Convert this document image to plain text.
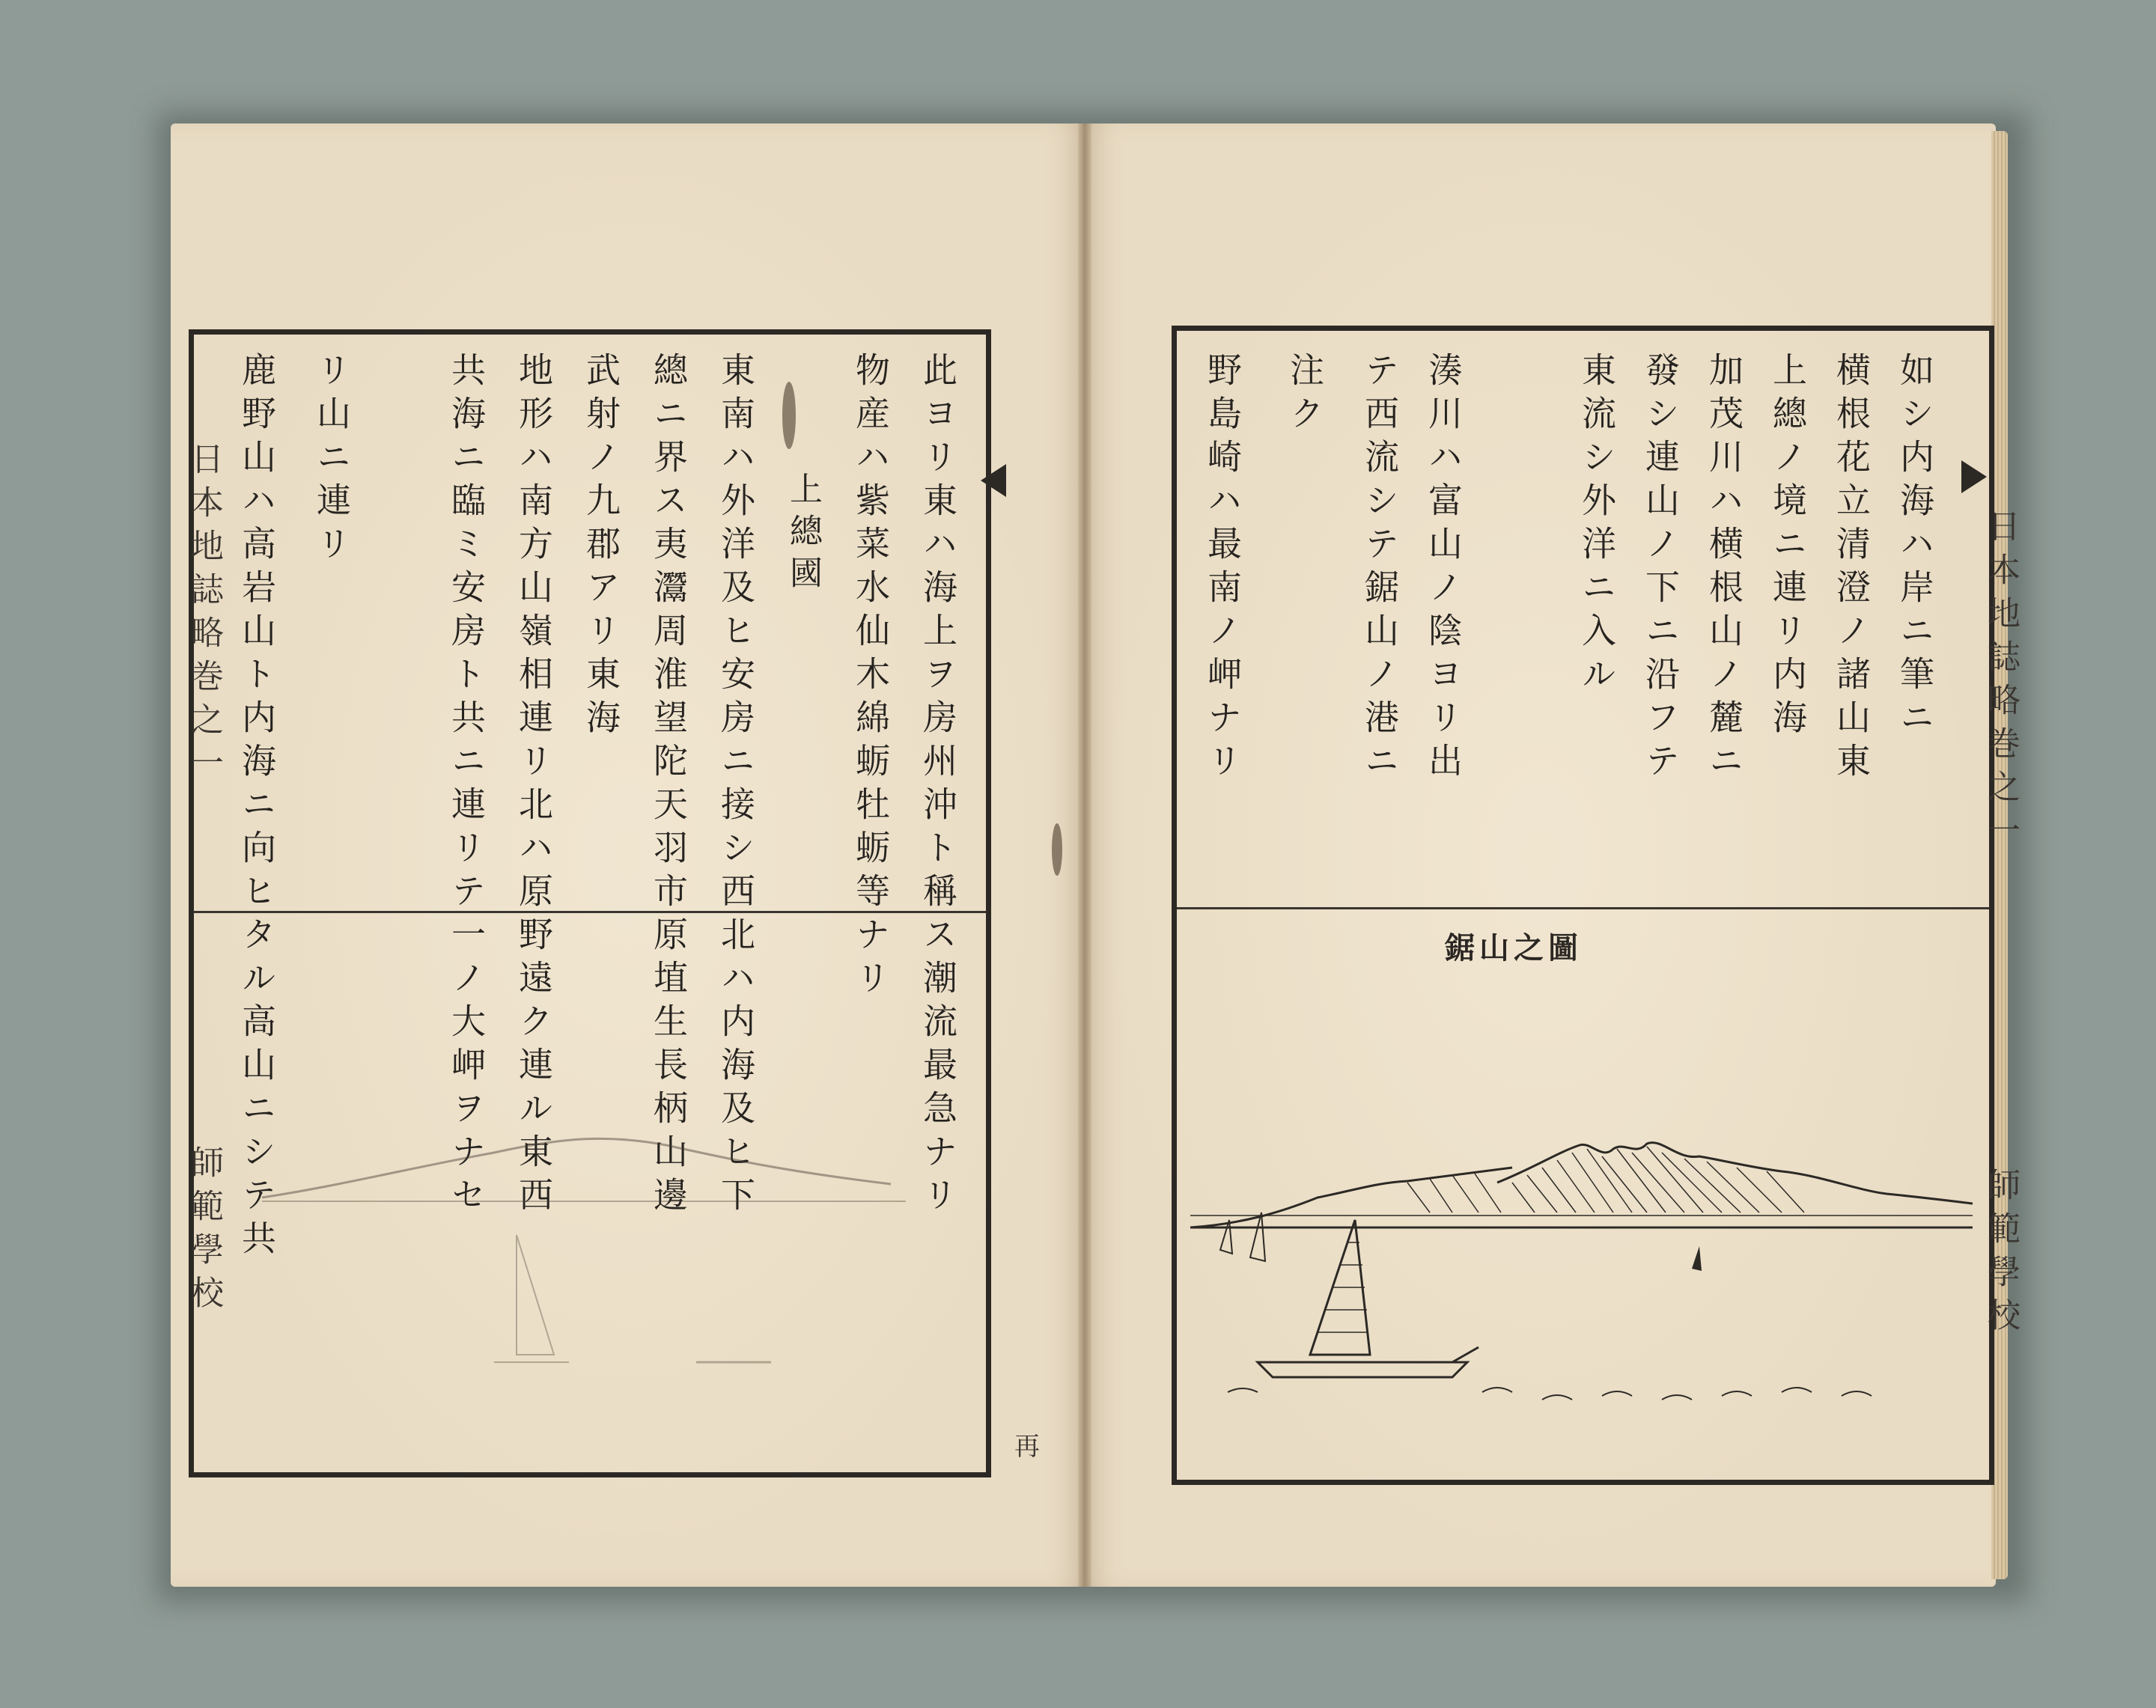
日本地誌略巻之一
師範學校
此ヨリ東ハ海上ヲ房州沖ト稱ス潮流最急ナリ
物産ハ紫菜水仙木綿蛎牡蛎等ナリ
上總國
東南ハ外洋及ヒ安房ニ接シ西北ハ内海及ヒ下
總ニ界ス夷灊周淮望陀天羽市原埴生長柄山邊
武射ノ九郡アリ東海
地形ハ南方山嶺相連リ北ハ原野遠ク連ル東西
共海ニ臨ミ安房ト共ニ連リテ一ノ大岬ヲナセ
リ山ニ連リ
鹿野山ハ高岩山ト内海ニ向ヒタル高山ニシテ共
再
日本地誌略巻之一
師範學校
如シ内海ハ岸ニ筆ニ
横根花立清澄ノ諸山東
上總ノ境ニ連リ内海
加茂川ハ横根山ノ麓ニ
發シ連山ノ下ニ沿フテ
東流シ外洋ニ入ル
湊川ハ富山ノ陰ヨリ出
テ西流シテ鋸山ノ港ニ
注ク
野島崎ハ最南ノ岬ナリ
鋸山之圖
